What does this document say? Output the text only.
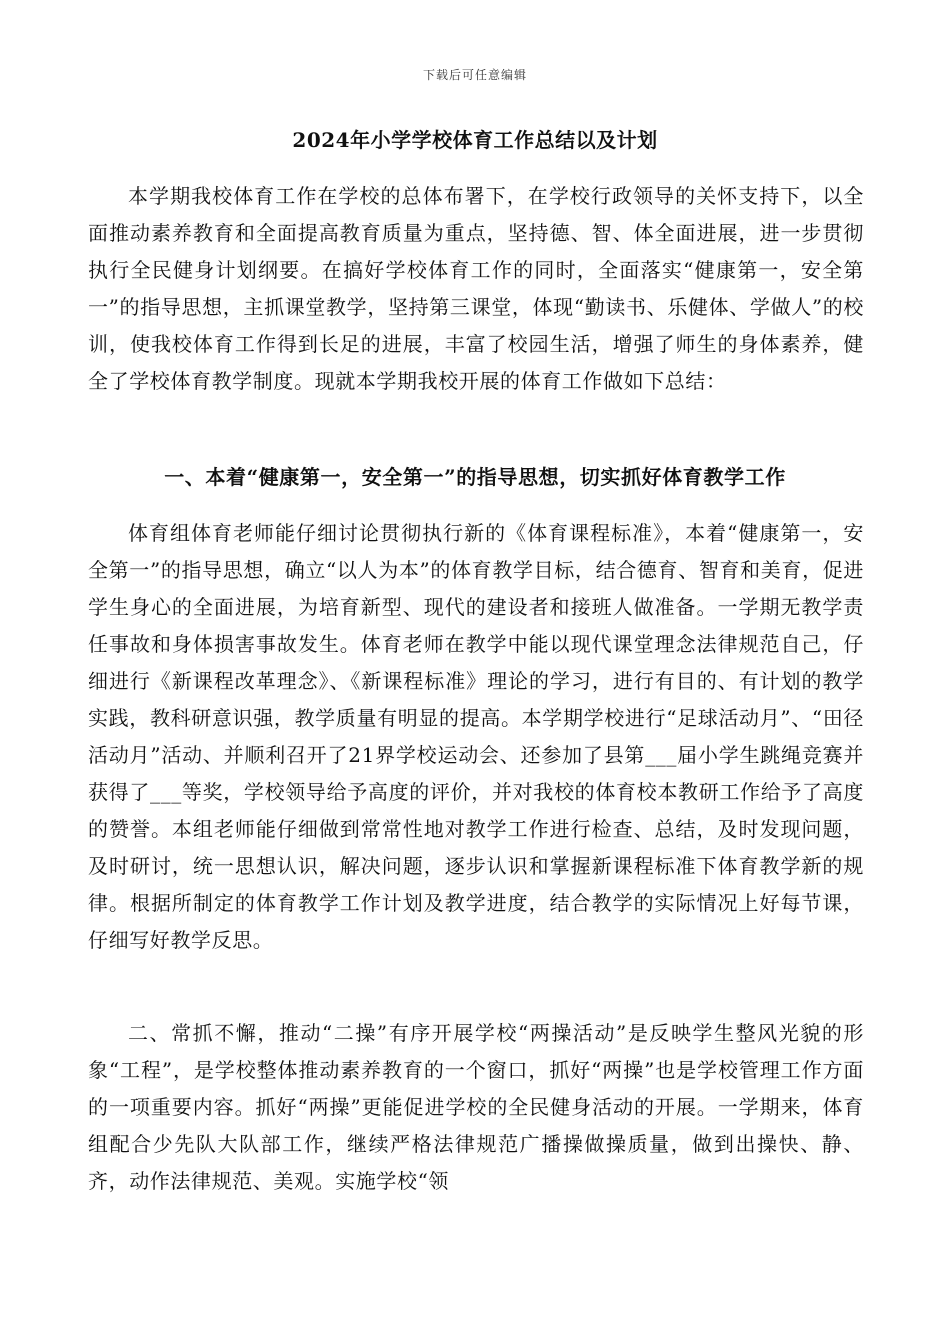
下载后可任意编辑
2024年小学学校体育工作总结以及计划

本学期我校体育工作在学校的总体布署下，在学校行政领导的关怀支持下，以全面推动素养教育和全面提高教育质量为重点，坚持德、智、体全面进展，进一步贯彻执行全民健身计划纲要。在搞好学校体育工作的同时，全面落实“健康第一，安全第一”的指导思想，主抓课堂教学，坚持第三课堂，体现“勤读书、乐健体、学做人”的校训，使我校体育工作得到长足的进展，丰富了校园生活，增强了师生的身体素养，健全了学校体育教学制度。现就本学期我校开展的体育工作做如下总结：

一、本着“健康第一，安全第一”的指导思想，切实抓好体育教学工作

体育组体育老师能仔细讨论贯彻执行新的《体育课程标准》，本着“健康第一，安全第一”的指导思想，确立“以人为本”的体育教学目标，结合德育、智育和美育，促进学生身心的全面进展，为培育新型、现代的建设者和接班人做准备。一学期无教学责任事故和身体损害事故发生。体育老师在教学中能以现代课堂理念法律规范自己，仔细进行《新课程改革理念》、《新课程标准》理论的学习，进行有目的、有计划的教学实践，教科研意识强，教学质量有明显的提高。本学期学校进行“足球活动月”、“田径活动月”活动、并顺利召开了21界学校运动会、还参加了县第___届小学生跳绳竞赛并获得了___等奖，学校领导给予高度的评价，并对我校的体育校本教研工作给予了高度的赞誉。本组老师能仔细做到常常性地对教学工作进行检查、总结，及时发现问题，及时研讨，统一思想认识，解决问题，逐步认识和掌握新课程标准下体育教学新的规律。根据所制定的体育教学工作计划及教学进度，结合教学的实际情况上好每节课，仔细写好教学反思。

二、常抓不懈，推动“二操”有序开展学校“两操活动”是反映学生整风光貌的形象“工程”，是学校整体推动素养教育的一个窗口，抓好“两操”也是学校管理工作方面的一项重要内容。抓好“两操”更能促进学校的全民健身活动的开展。一学期来，体育组配合少先队大队部工作，继续严格法律规范广播操做操质量，做到出操快、静、齐，动作法律规范、美观。实施学校“领
